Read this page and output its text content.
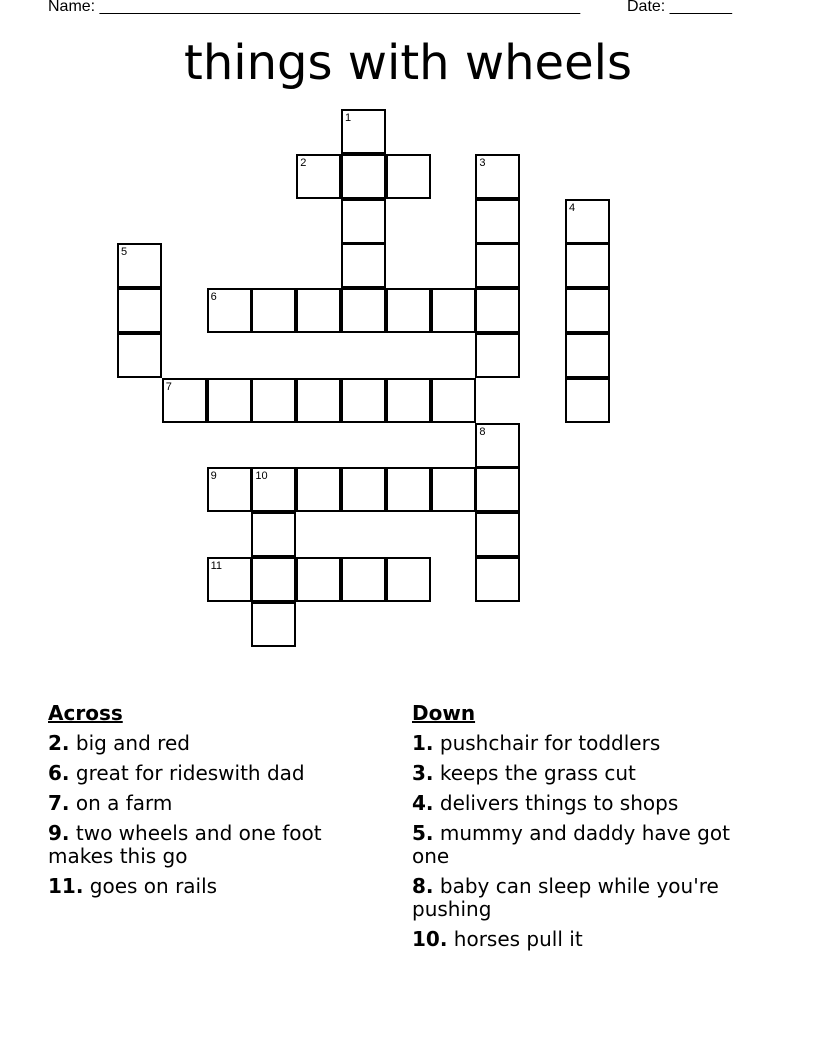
Name: ______________________________________________________	Date: _______
things with wheels
1
2	3
4
5
6
7
8
9	10
11
Across
2. big and red
6. great for rideswith dad
7. on a farm
9. two wheels and one foot makes this go
11. goes on rails
Down
1. pushchair for toddlers
3. keeps the grass cut
4. delivers things to shops
5. mummy and daddy have got one
8. baby can sleep while you're pushing
10. horses pull it
